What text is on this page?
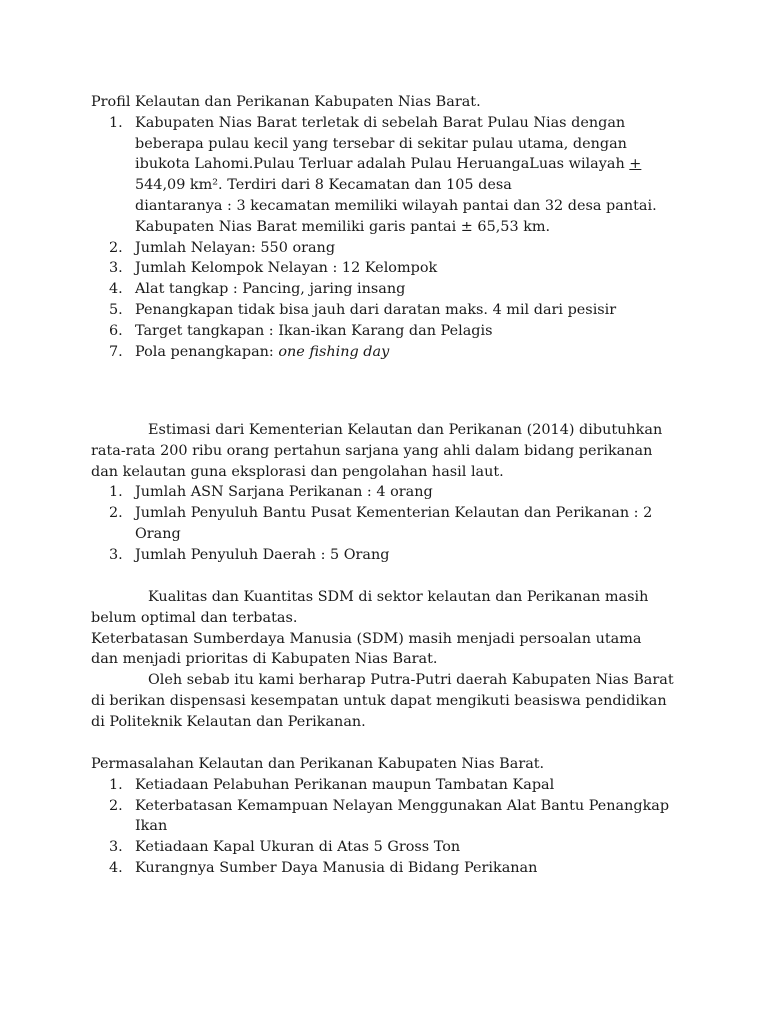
Profil Kelautan dan Perikanan Kabupaten Nias Barat.

1. Kabupaten Nias Barat terletak di sebelah Barat Pulau Nias dengan
beberapa pulau kecil yang tersebar di sekitar pulau utama, dengan
ibukota Lahomi.Pulau Terluar adalah Pulau HeruangaLuas wilayah +
544,09 km². Terdiri dari 8 Kecamatan dan 105 desa
diantaranya : 3 kecamatan memiliki wilayah pantai dan 32 desa pantai.
Kabupaten Nias Barat memiliki garis pantai ± 65,53 km.
2. Jumlah Nelayan: 550 orang
3. Jumlah Kelompok Nelayan : 12 Kelompok
4. Alat tangkap : Pancing, jaring insang
5. Penangkapan tidak bisa jauh dari daratan maks. 4 mil dari pesisir
6. Target tangkapan : Ikan-ikan Karang dan Pelagis
7. Pola penangkapan: one fishing day

Estimasi dari Kementerian Kelautan dan Perikanan (2014) dibutuhkan

rata-rata 200 ribu orang pertahun sarjana yang ahli dalam bidang perikanan

dan kelautan guna eksplorasi dan pengolahan hasil laut.

1. Jumlah ASN Sarjana Perikanan : 4 orang
2. Jumlah Penyuluh Bantu Pusat Kementerian Kelautan dan Perikanan : 2
Orang
3. Jumlah Penyuluh Daerah : 5 Orang

Kualitas dan Kuantitas SDM di sektor kelautan dan Perikanan masih

belum optimal dan terbatas.

Keterbatasan Sumberdaya Manusia (SDM) masih menjadi persoalan utama

dan menjadi prioritas di Kabupaten Nias Barat.

Oleh sebab itu kami berharap Putra-Putri daerah Kabupaten Nias Barat

di berikan dispensasi kesempatan untuk dapat mengikuti beasiswa pendidikan

di Politeknik Kelautan dan Perikanan.

Permasalahan Kelautan dan Perikanan Kabupaten Nias Barat.

1. Ketiadaan Pelabuhan Perikanan maupun Tambatan Kapal
2. Keterbatasan Kemampuan Nelayan Menggunakan Alat Bantu Penangkap
Ikan
3. Ketiadaan Kapal Ukuran di Atas 5 Gross Ton
4. Kurangnya Sumber Daya Manusia di Bidang Perikanan
